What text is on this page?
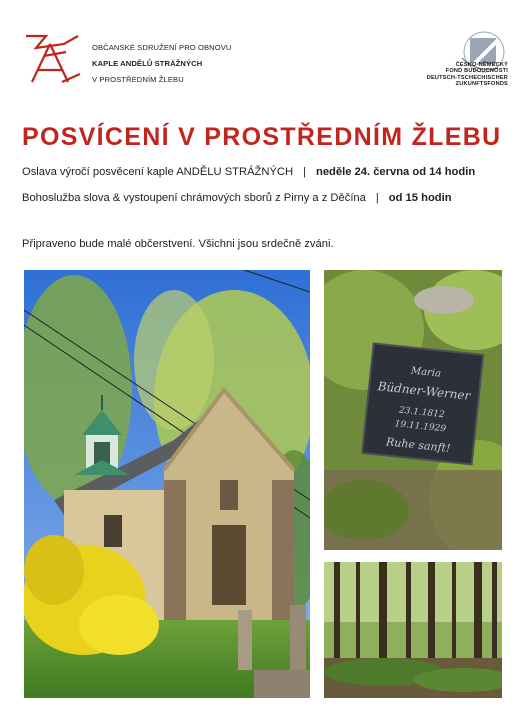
OBČANSKÉ SDRUŽENÍ PRO OBNOVU
KAPLE ANDĚLŮ STRÁŽNÝCH
V PROSTŘEDNÍM ŽLEBU
ČESKO-NĚMECKÝ
FOND BUDOUCNOSTI
DEUTSCH-TSCHECHISCHER
ZUKUNFTSFONDS
POSVÍCENÍ V PROSTŘEDNÍM ŽLEBU
Oslava výročí posvěcení kaple ANDĚLU STRÁŽNÝCH | neděle 24. června od 14 hodin
Bohoslužba slova & vystoupení chrámových sborů z Pirny a z Děčína | od 15 hodin
Připraveno bude malé občerstvení. Všichni jsou srdečně zváni.
Maria
Büdner-Werner
23.1.1812
19.11.1929
Ruhe sanft!
